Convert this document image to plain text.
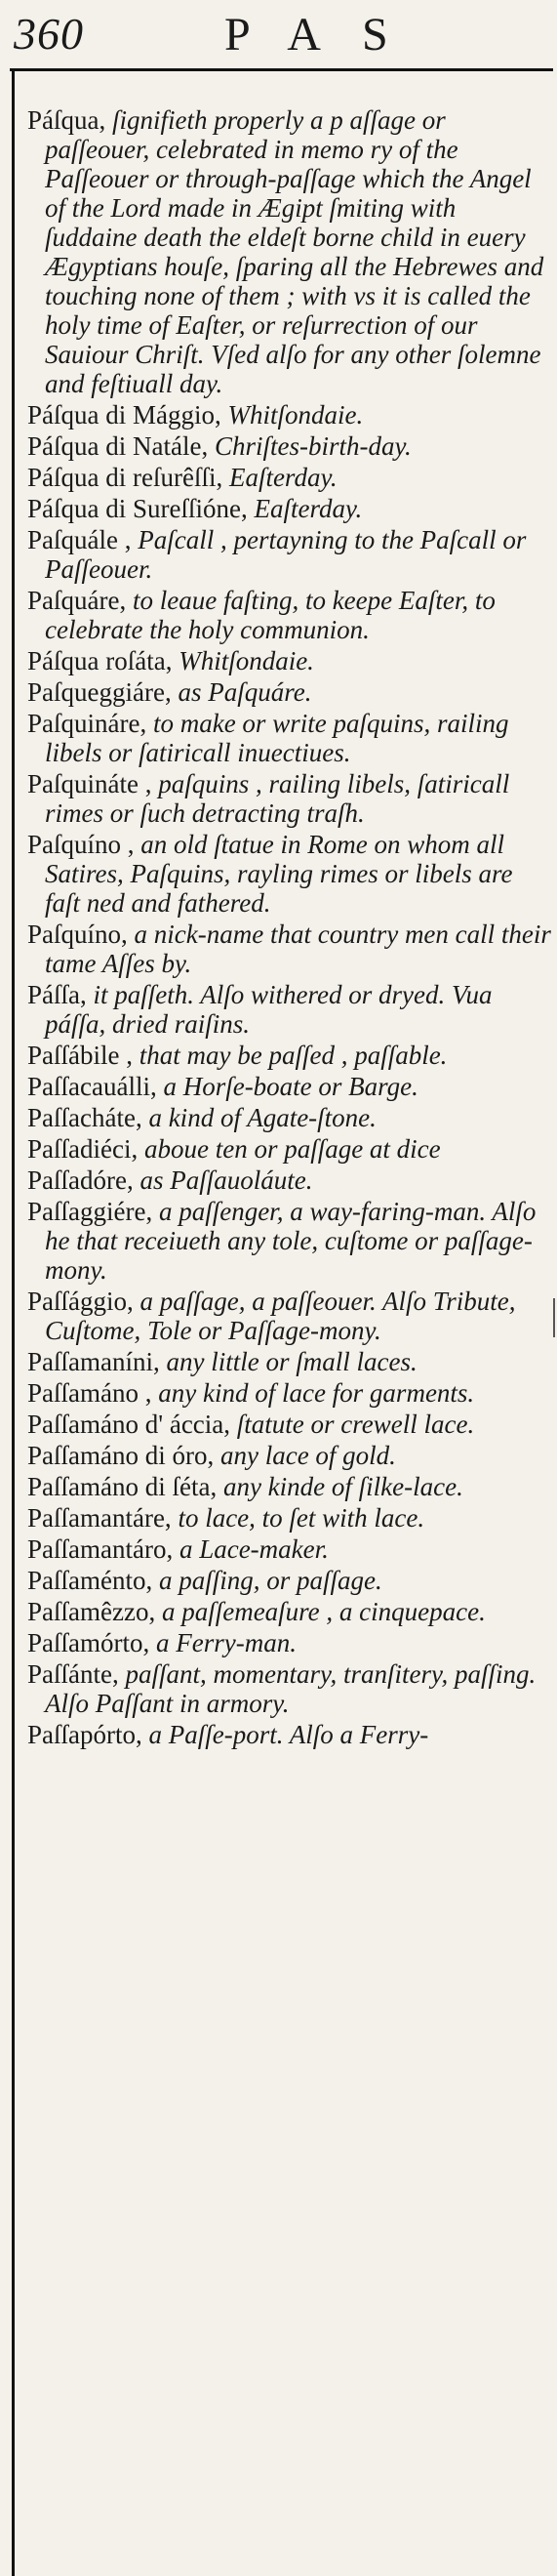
360	PAS
Páſqua, ſignifieth properly a p aſſage or paſſeouer, celebrated in memo ry of the Paſſeouer or through-paſſage which the Angel of the Lord made in Ægipt ſmiting with ſuddaine death the eldeſt borne child in euery Ægyptians houſe, ſparing all the Hebrewes and touching none of them ; with vs it is called the holy time of Eaſter, or reſurrection of our Sauiour Chriſt. Vſed alſo for any other ſolemne and feſtiuall day.
Páſqua di Mággio, Whitſondaie.
Páſqua di Natále, Chriſtes-birth-day.
Páſqua di reſurêſſi, Eaſterday.
Páſqua di Sureſſióne, Eaſterday.
Paſquále , Paſcall , pertayning to the Paſcall or Paſſeouer.
Paſquáre, to leaue faſting, to keepe Eaſter, to celebrate the holy communion.
Páſqua roſáta, Whitſondaie.
Paſqueggiáre, as Paſquáre.
Paſquináre, to make or write paſquins, railing libels or ſatiricall inuectiues.
Paſquináte , paſquins , railing libels, ſatiricall rimes or ſuch detracting traſh.
Paſquíno , an old ſtatue in Rome on whom all Satires, Paſquins, rayling rimes or libels are faſt ned and fathered.
Paſquíno, a nick-name that country men call their tame Aſſes by.
Páſſa, it paſſeth. Alſo withered or dryed. Vua páſſa, dried raiſins.
Paſſábile , that may be paſſed , paſſable.
Paſſacauálli, a Horſe-boate or Barge.
Paſſacháte, a kind of Agate-ſtone.
Paſſadiéci, aboue ten or paſſage at dice
Paſſadóre, as Paſſauoláute.
Paſſaggiére, a paſſenger, a way-faring-man. Alſo he that receiueth any tole, cuſtome or paſſage-mony.
Paſſággio, a paſſage, a paſſeouer. Alſo Tribute, Cuſtome, Tole or Paſſage-mony.
Paſſamaníni, any little or ſmall laces.
Paſſamáno , any kind of lace for garments.
Paſſamáno d' áccia, ſtatute or crewell lace.
Paſſamáno di óro, any lace of gold.
Paſſamáno di ſéta, any kinde of ſilke-lace.
Paſſamantáre, to lace, to ſet with lace.
Paſſamantáro, a Lace-maker.
Paſſaménto, a paſſing, or paſſage.
Paſſamêzzo, a paſſemeaſure , a cinquepace.
Paſſamórto, a Ferry-man.
Paſſánte, paſſant, momentary, tranſitery, paſſing. Alſo Paſſant in armory.
Paſſapórto, a Paſſe-port. Alſo a Ferry-
